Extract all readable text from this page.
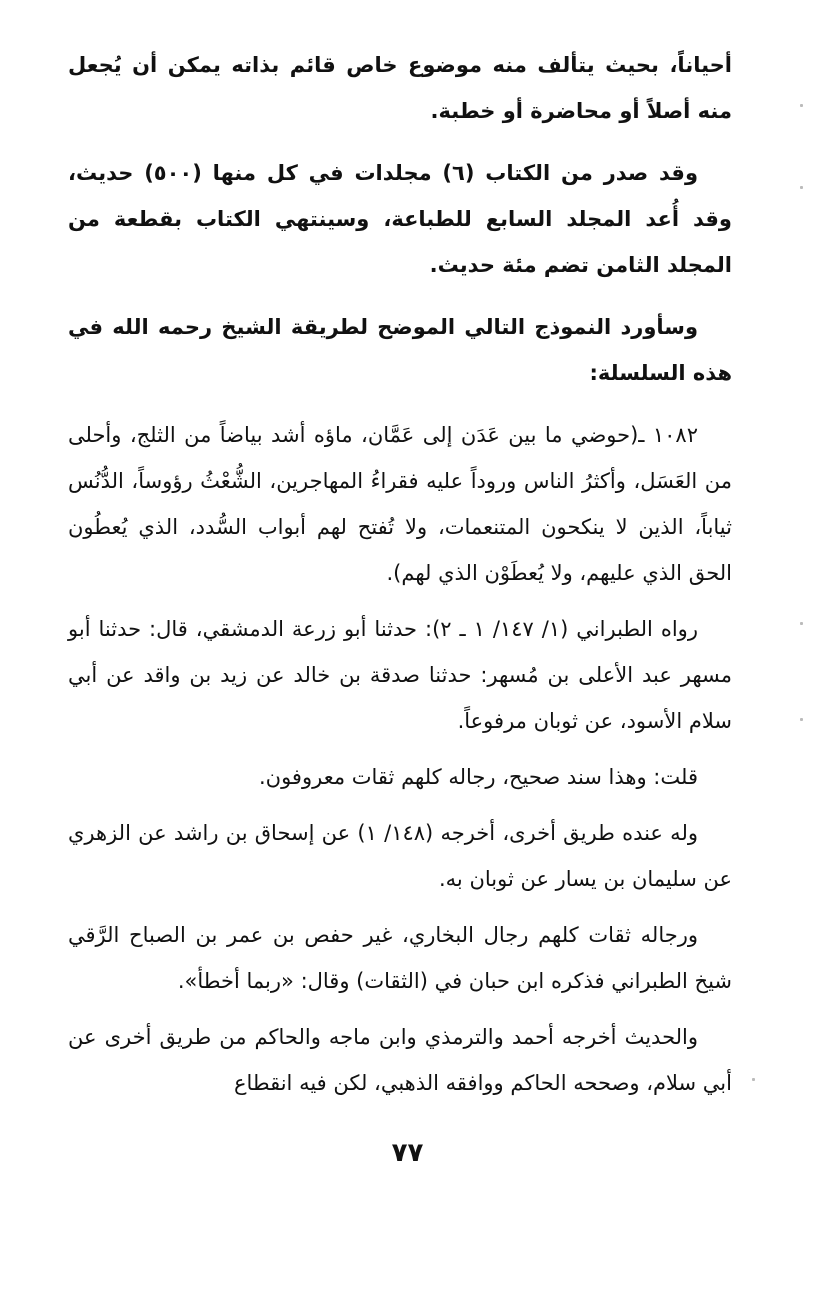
أحياناً، بحيث يتألف منه موضوع خاص قائم بذاته يمكن أن يُجعل منه أصلاً أو محاضرة أو خطبة.

وقد صدر من الكتاب (٦) مجلدات في كل منها (٥٠٠) حديث، وقد أُعد المجلد السابع للطباعة، وسينتهي الكتاب بقطعة من المجلد الثامن تضم مئة حديث.

وسأورد النموذج التالي الموضح لطريقة الشيخ رحمه الله في هذه السلسلة:

١٠٨٢ ـ(حوضي ما بين عَدَن إلى عَمَّان، ماؤه أشد بياضاً من الثلج، وأحلى من العَسَل، وأكثرُ الناس وروداً عليه فقراءُ المهاجرين، الشُّعْثُ رؤوساً، الدُّنُس ثياباً، الذين لا ينكحون المتنعمات، ولا تُفتح لهم أبواب السُّدد، الذي يُعطُون الحق الذي عليهم، ولا يُعطَوْن الذي لهم).

رواه الطبراني (١/ ١٤٧/ ١ ـ ٢): حدثنا أبو زرعة الدمشقي، قال: حدثنا أبو مسهر عبد الأعلى بن مُسهر: حدثنا صدقة بن خالد عن زيد بن واقد عن أبي سلام الأسود، عن ثوبان مرفوعاً.

قلت: وهذا سند صحيح، رجاله كلهم ثقات معروفون.

وله عنده طريق أخرى، أخرجه (١٤٨/ ١) عن إسحاق بن راشد عن الزهري عن سليمان بن يسار عن ثوبان به.

ورجاله ثقات كلهم رجال البخاري، غير حفص بن عمر بن الصباح الرَّقي شيخ الطبراني فذكره ابن حبان في (الثقات) وقال: «ربما أخطأ».

والحديث أخرجه أحمد والترمذي وابن ماجه والحاكم من طريق أخرى عن أبي سلام، وصححه الحاكم ووافقه الذهبي، لكن فيه انقطاع

٧٧
